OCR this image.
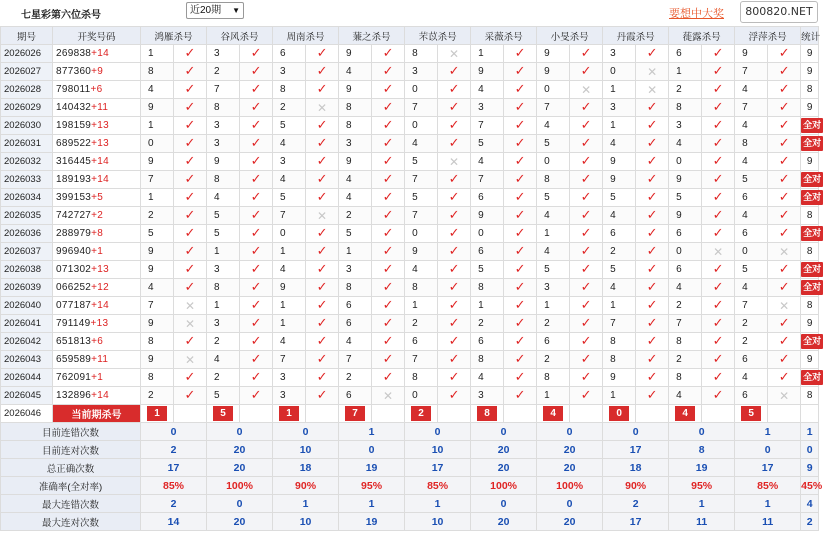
七星彩第六位杀号	近20期 ▼	要想中大奖	800820.NET
期号	开奖号码	鸿雁杀号		谷风杀号		周南杀号		蒹之杀号		芣苡杀号		采薇杀号		小旻杀号		丹霞杀号		蓰露杀号		浮萍杀号		统计
2026026	269838+14	1	✓	3	✓	6	✓	9	✓	8	✕	1	✓	9	✓	3	✓	6	✓	9	✓	9
2026027	877360+9	8	✓	2	✓	3	✓	4	✓	3	✓	9	✓	9	✓	0	✕	1	✓	7	✓	9
2026028	798011+6	4	✓	7	✓	8	✓	9	✓	0	✓	4	✓	0	✕	1	✕	2	✓	4	✓	8
2026029	140432+11	9	✓	8	✓	2	✕	8	✓	7	✓	3	✓	7	✓	3	✓	8	✓	7	✓	9
2026030	198159+13	1	✓	3	✓	5	✓	8	✓	0	✓	7	✓	4	✓	1	✓	3	✓	4	✓	全对
2026031	689522+13	0	✓	3	✓	4	✓	3	✓	4	✓	5	✓	5	✓	4	✓	4	✓	8	✓	全对
2026032	316445+14	9	✓	9	✓	3	✓	9	✓	5	✕	4	✓	0	✓	9	✓	0	✓	4	✓	9
2026033	189193+14	7	✓	8	✓	4	✓	4	✓	7	✓	7	✓	8	✓	9	✓	9	✓	5	✓	全对
2026034	399153+5	1	✓	4	✓	5	✓	4	✓	5	✓	6	✓	5	✓	5	✓	5	✓	6	✓	全对
2026035	742727+2	2	✓	5	✓	7	✕	2	✓	7	✓	9	✓	4	✓	4	✓	9	✓	4	✓	8
2026036	288979+8	5	✓	5	✓	0	✓	5	✓	0	✓	0	✓	1	✓	6	✓	6	✓	6	✓	全对
2026037	996940+1	9	✓	1	✓	1	✓	1	✓	9	✓	6	✓	4	✓	2	✓	0	✕	0	✕	8
2026038	071302+13	9	✓	3	✓	4	✓	3	✓	4	✓	5	✓	5	✓	5	✓	6	✓	5	✓	全对
2026039	066252+12	4	✓	8	✓	9	✓	8	✓	8	✓	8	✓	3	✓	4	✓	4	✓	4	✓	全对
2026040	077187+14	7	✕	1	✓	1	✓	6	✓	1	✓	1	✓	1	✓	1	✓	2	✓	7	✕	8
2026041	791149+13	9	✕	3	✓	1	✓	6	✓	2	✓	2	✓	2	✓	7	✓	7	✓	2	✓	9
2026042	651813+6	8	✓	2	✓	4	✓	4	✓	6	✓	6	✓	6	✓	8	✓	8	✓	2	✓	全对
2026043	659589+11	9	✕	4	✓	7	✓	7	✓	7	✓	8	✓	2	✓	8	✓	2	✓	6	✓	9
2026044	762091+1	8	✓	2	✓	3	✓	2	✓	8	✓	4	✓	8	✓	9	✓	8	✓	4	✓	全对
2026045	132896+14	2	✓	5	✓	3	✓	6	✕	0	✓	3	✓	1	✓	1	✓	4	✓	6	✕	8
2026046	当前期杀号	1		5		1		7		2		8		4		0		4		5		
目前连错次数		0		0		0		1		0		0		0		0		0		1		1
目前连对次数		2		20		10		0		10		20		20		17		8		0		0
总正确次数		17		20		18		19		17		20		20		18		19		17		9
准确率(全对率)		85%		100%		90%		95%		85%		100%		100%		90%		95%		85%		45%
最大连错次数		2		0		1		1		1		0		0		2		1		1		4
最大连对次数		14		20		10		19		10		20		20		17		11		11		2
